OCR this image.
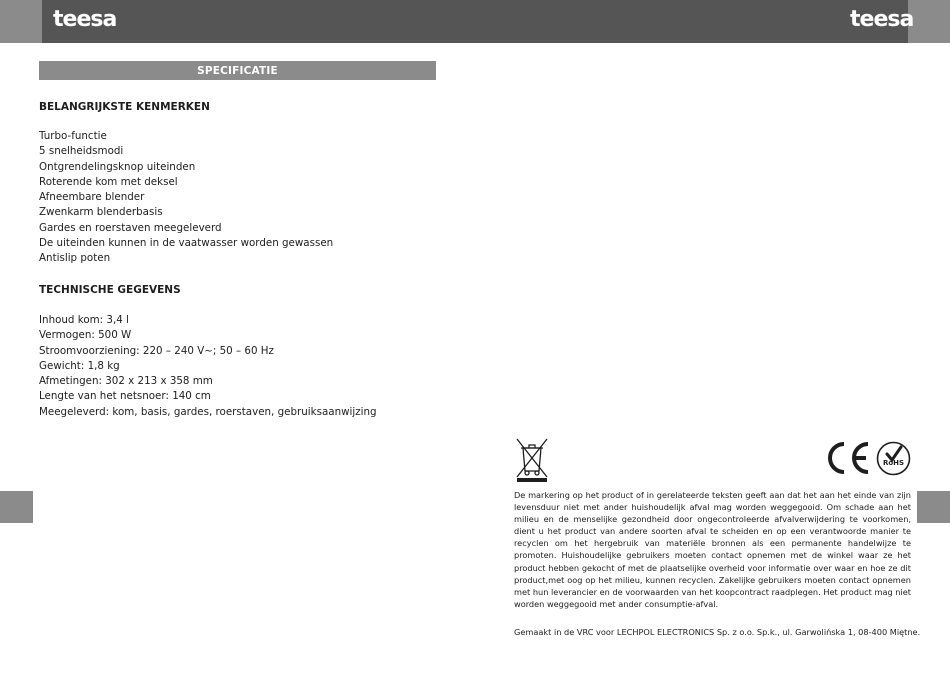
teesa	teesa
SPECIFICATIE
BELANGRIJKSTE KENMERKEN
Turbo-functie
5 snelheidsmodi
Ontgrendelingsknop uiteinden
Roterende kom met deksel
Afneembare blender
Zwenkarm blenderbasis
Gardes en roerstaven meegeleverd
De uiteinden kunnen in de vaatwasser worden gewassen
Antislip poten
TECHNISCHE GEGEVENS
Inhoud kom: 3,4 l
Vermogen: 500 W
Stroomvoorziening: 220 – 240 V~; 50 – 60 Hz
Gewicht: 1,8 kg
Afmetingen: 302 x 213 x 358 mm
Lengte van het netsnoer: 140 cm
Meegeleverd: kom, basis, gardes, roerstaven, gebruiksaanwijzing
RoHS

De markering op het product of in gerelateerde teksten geeft aan dat het aan het einde van zijn levensduur niet met ander huishoudelijk afval mag worden weggegooid. Om schade aan het milieu en de menselijke gezondheid door ongecontroleerde afvalverwijdering te voorkomen, dient u het product van andere soorten afval te scheiden en op een verantwoorde manier te recyclen om het hergebruik van materiële bronnen als een permanente handelwijze te promoten. Huishoudelijke gebruikers moeten contact opnemen met de winkel waar ze het product hebben gekocht of met de plaatselijke overheid voor informatie over waar en hoe ze dit product,met oog op het milieu, kunnen recyclen. Zakelijke gebruikers moeten contact opnemen met hun leverancier en de voorwaarden van het koopcontract raadplegen. Het product mag niet worden weggegooid met ander consumptie-afval.

Gemaakt in de VRC voor LECHPOL ELECTRONICS Sp. z o.o. Sp.k., ul. Garwolińska 1, 08-400 Miętne.
